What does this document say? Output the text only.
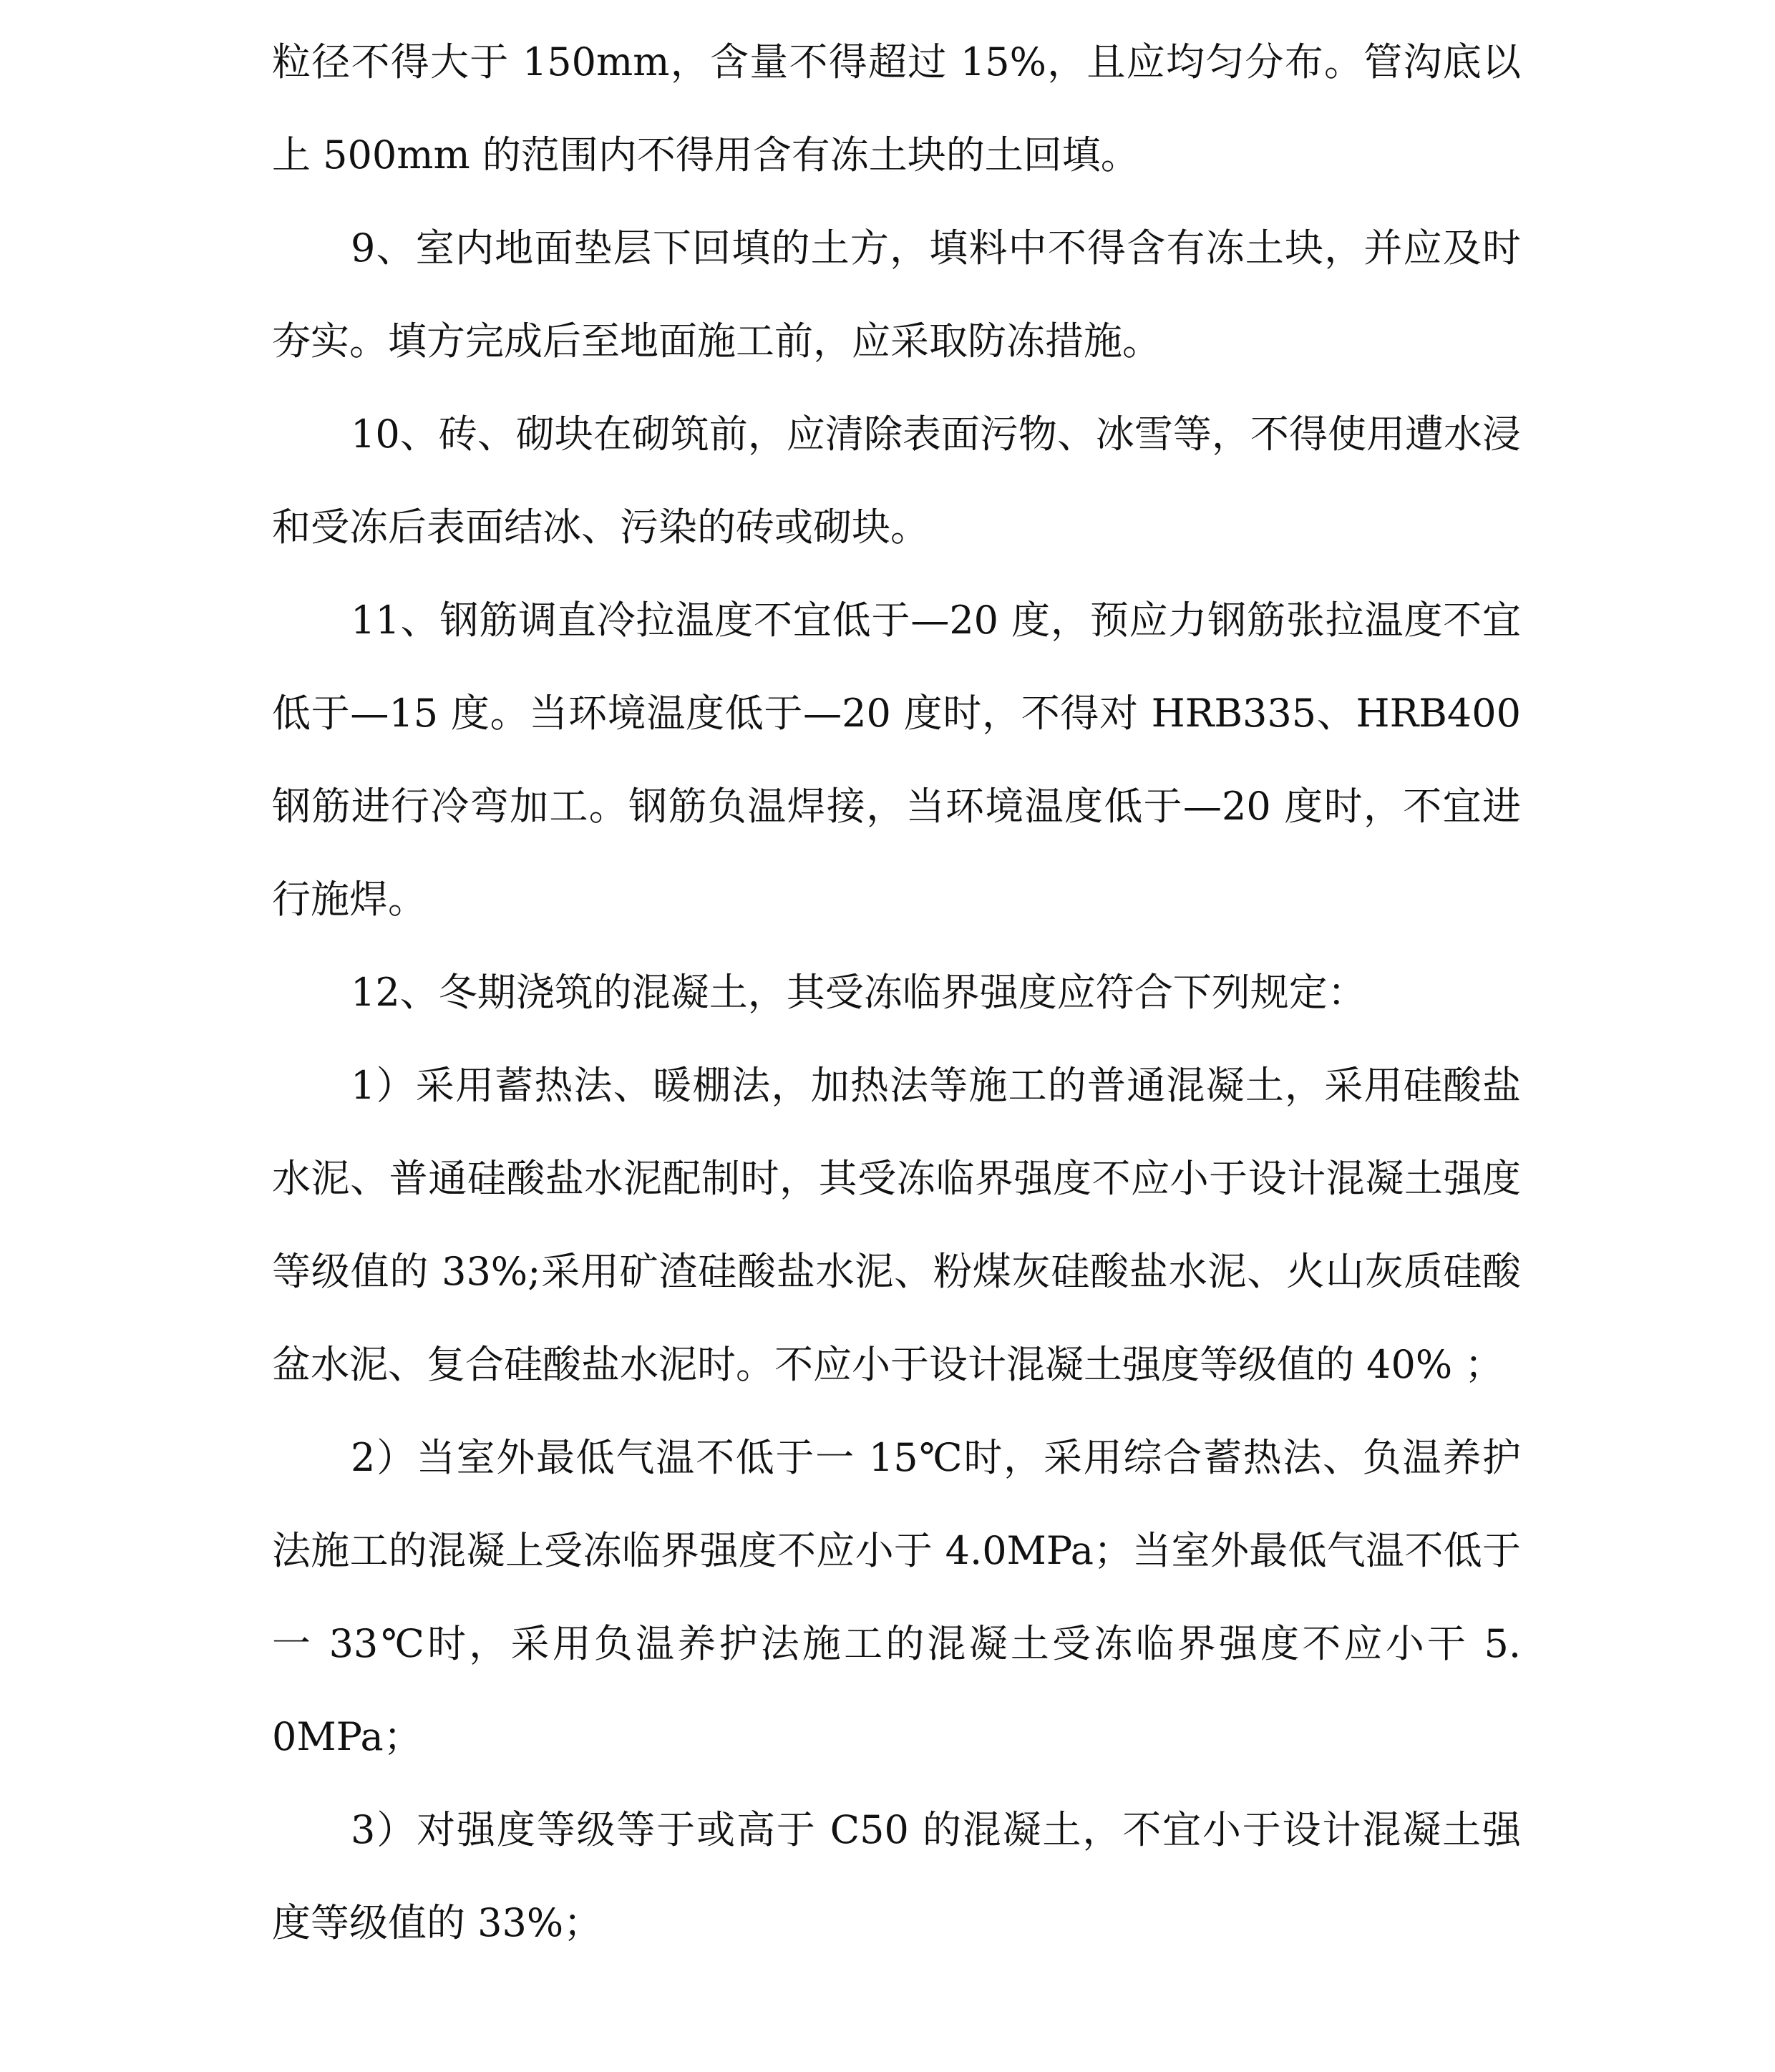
粒径不得大于 150mm，含量不得超过 15%，且应均匀分布。管沟底以上 500mm 的范围内不得用含有冻土块的土回填。

9、室内地面垫层下回填的土方，填料中不得含有冻土块，并应及时夯实。填方完成后至地面施工前，应采取防冻措施。

10、砖、砌块在砌筑前，应清除表面污物、冰雪等，不得使用遭水浸和受冻后表面结冰、污染的砖或砌块。

11、钢筋调直冷拉温度不宜低于—20 度，预应力钢筋张拉温度不宜低于—15 度。当环境温度低于—20 度时，不得对 HRB335、HRB400 钢筋进行冷弯加工。钢筋负温焊接，当环境温度低于—20 度时，不宜进行施焊。

12、冬期浇筑的混凝土，其受冻临界强度应符合下列规定：

1）采用蓄热法、暖棚法，加热法等施工的普通混凝土，采用硅酸盐水泥、普通硅酸盐水泥配制时，其受冻临界强度不应小于设计混凝土强度等级值的 33%;采用矿渣硅酸盐水泥、粉煤灰硅酸盐水泥、火山灰质硅酸盆水泥、复合硅酸盐水泥时。不应小于设计混凝土强度等级值的 40% ；

2）当室外最低气温不低于一 15℃时，采用综合蓄热法、负温养护法施工的混凝上受冻临界强度不应小于 4.0MPa；当室外最低气温不低于一 33℃时，采用负温养护法施工的混凝土受冻临界强度不应小干 5. 0MPa；

3）对强度等级等于或高于 C50 的混凝土，不宜小于设计混凝土强度等级值的 33%；
